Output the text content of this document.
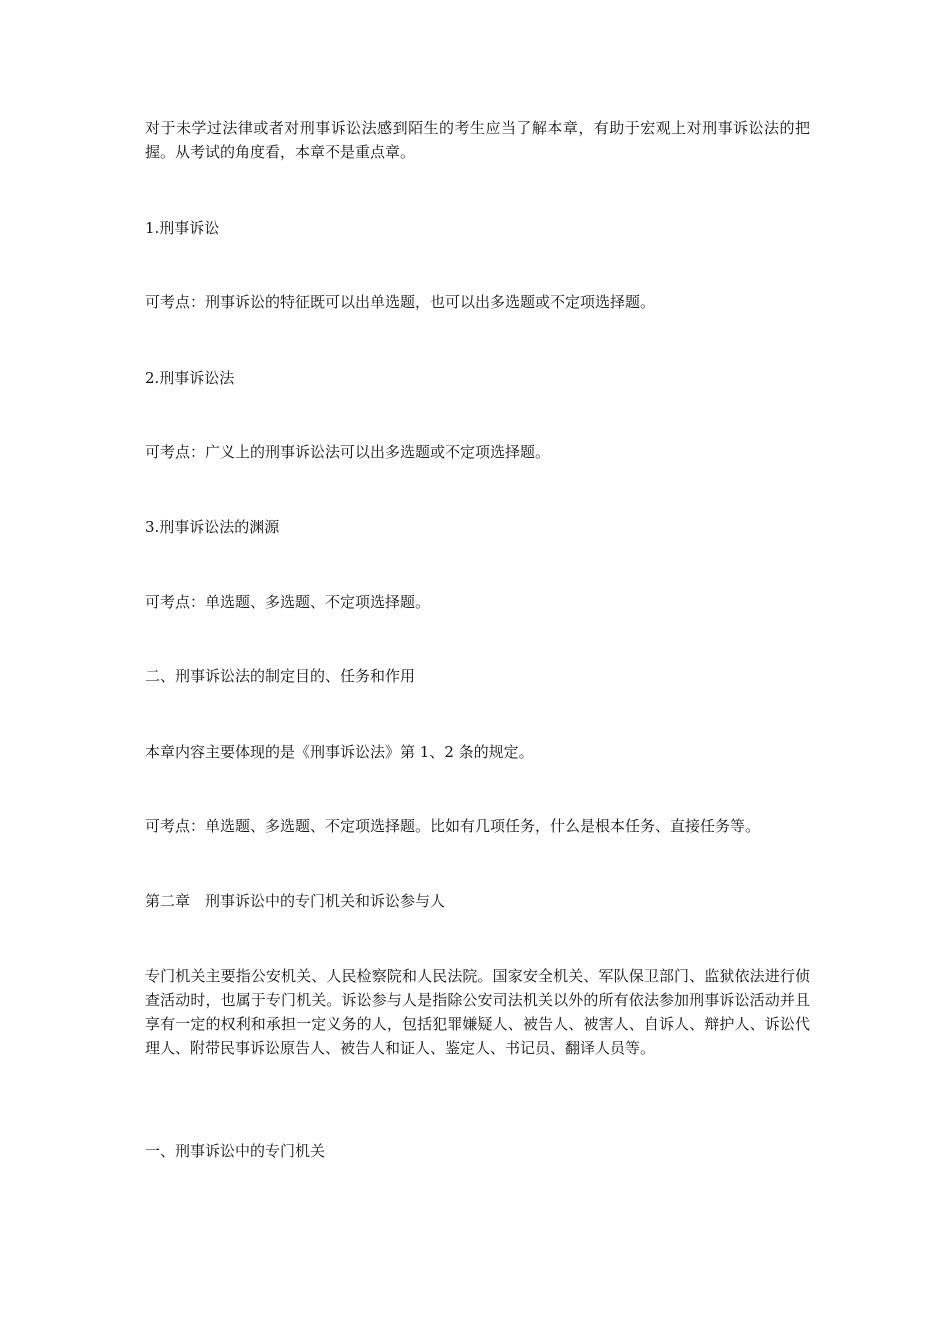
对于未学过法律或者对刑事诉讼法感到陌生的考生应当了解本章，有助于宏观上对刑事诉讼法的把握。从考试的角度看，本章不是重点章。

1.刑事诉讼

可考点：刑事诉讼的特征既可以出单选题，也可以出多选题或不定项选择题。

2.刑事诉讼法

可考点：广义上的刑事诉讼法可以出多选题或不定项选择题。

3.刑事诉讼法的渊源

可考点：单选题、多选题、不定项选择题。

二、刑事诉讼法的制定目的、任务和作用

本章内容主要体现的是《刑事诉讼法》第 1、2 条的规定。

可考点：单选题、多选题、不定项选择题。比如有几项任务，什么是根本任务、直接任务等。

第二章　刑事诉讼中的专门机关和诉讼参与人

专门机关主要指公安机关、人民检察院和人民法院。国家安全机关、军队保卫部门、监狱依法进行侦查活动时，也属于专门机关。诉讼参与人是指除公安司法机关以外的所有依法参加刑事诉讼活动并且享有一定的权利和承担一定义务的人，包括犯罪嫌疑人、被告人、被害人、自诉人、辩护人、诉讼代理人、附带民事诉讼原告人、被告人和证人、鉴定人、书记员、翻译人员等。

一、刑事诉讼中的专门机关
